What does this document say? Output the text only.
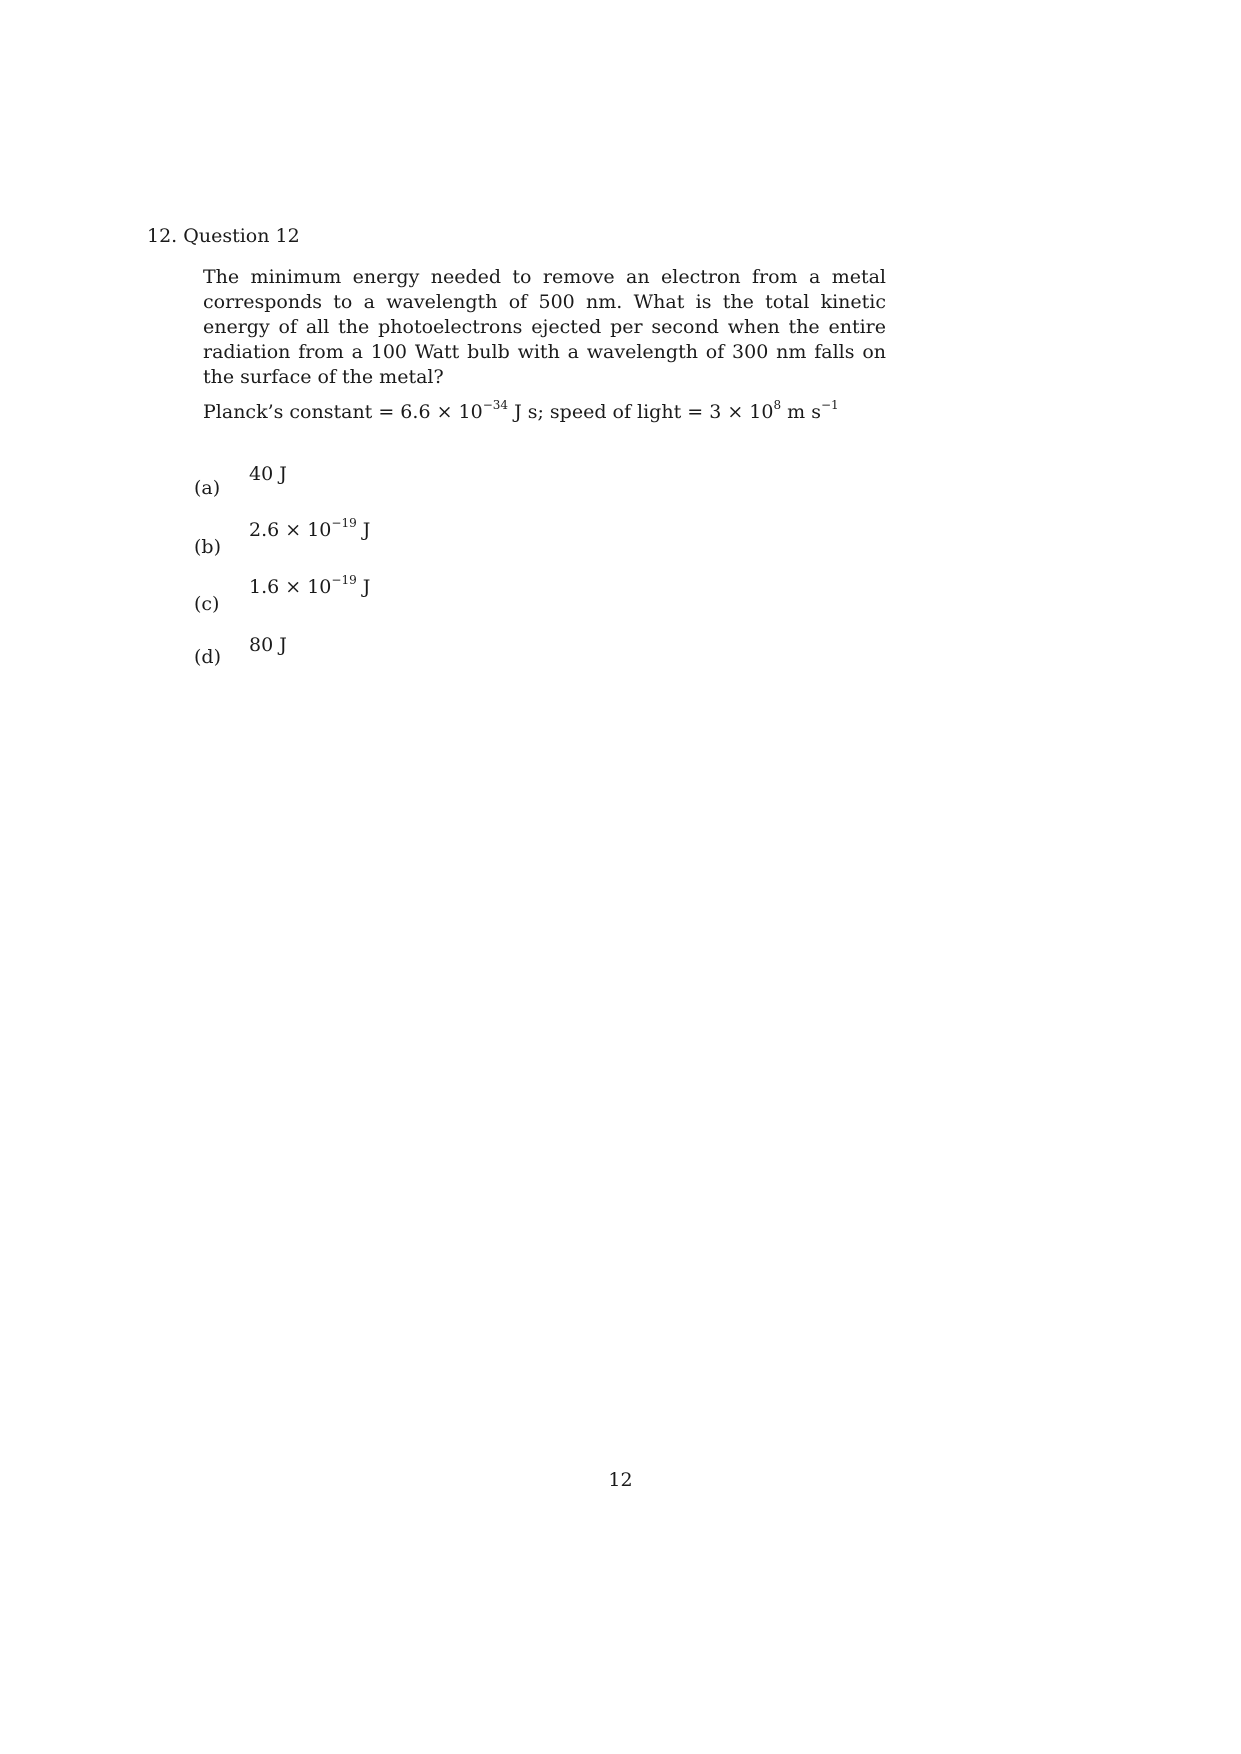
12. Question 12

The minimum energy needed to remove an electron from a metal corresponds to a wavelength of 500 nm. What is the total kinetic energy of all the photoelectrons ejected per second when the entire radiation from a 100 Watt bulb with a wavelength of 300 nm falls on the surface of the metal?

Planck’s constant = $6.6 \times 10^{-34}$ J s; speed of light = $3 \times 10^8$ m $s^{-1}$
(a)
40 J
(b)
$2.6 \times 10^{-19}$ J
(c)
$1.6 \times 10^{-19}$ J
(d)
80 J
12
